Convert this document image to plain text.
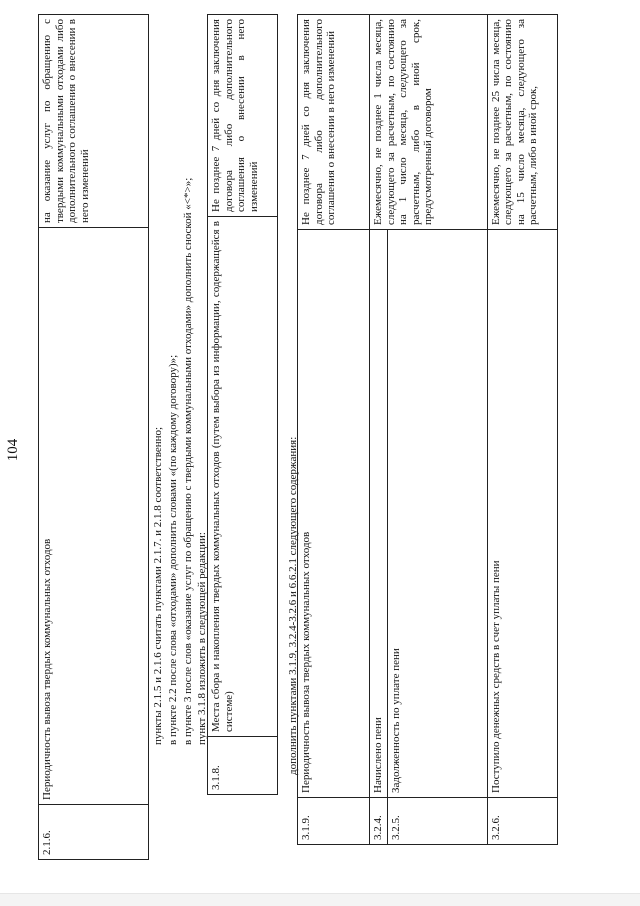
104
2.1.6.	Периодичность вывоза твердых коммунальных отходов	на оказание услуг по обращению с твердыми коммунальными отходами либо дополнительного соглашения о внесении в него изменений
пункты 2.1.5 и 2.1.6 считать пунктами 2.1.7. и 2.1.8 соответственно; в пункте 2.2 после слова «отходами» дополнить словами «(по каждому договору)»; в пункте 3 после слов «оказание услуг по обращению с твердыми коммунальными отходами» дополнить сноской «<*>»; пункт 3.1.8 изложить в следующей редакции:
3.1.8.	Места сбора и накопления твердых коммунальных отходов (путем выбора из информации, содержащейся в системе)	Не позднее 7 дней со дня заключения договора либо дополнительного соглашения о внесении в него изменений
дополнить пунктами 3.1.9, 3.2.4-3.2.6 и 6.6.2.1 следующего содержания:
3.1.9.	Периодичность вывоза твердых коммунальных отходов	Не позднее 7 дней со дня заключения договора либо дополнительного соглашения о внесении в него изменений
3.2.4.	Начислено пени	Ежемесячно, не позднее 1 числа месяца, следующего за расчетным, по состоянию на 1 число месяца, следующего за расчетным, либо в иной срок, предусмотренный договором
3.2.5.	Задолженность по уплате пени	
3.2.6.	Поступило денежных средств в счет уплаты пени	Ежемесячно, не позднее 25 числа месяца, следующего за расчетным, по состоянию на 15 число месяца, следующего за расчетным, либо в иной срок,
